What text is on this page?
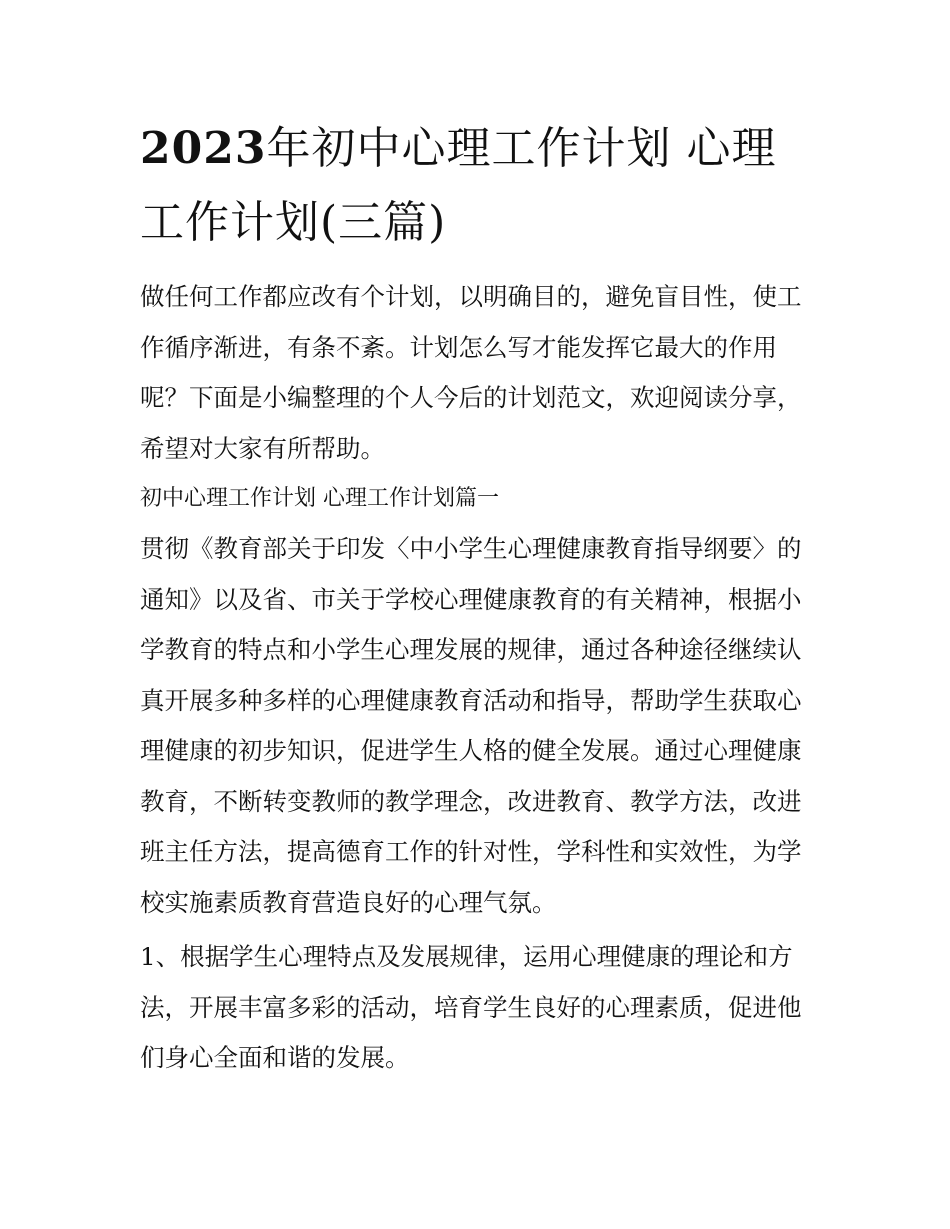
2023年初中心理工作计划 心理工作计划(三篇)

做任何工作都应改有个计划，以明确目的，避免盲目性，使工作循序渐进，有条不紊。计划怎么写才能发挥它最大的作用呢？下面是小编整理的个人今后的计划范文，欢迎阅读分享，希望对大家有所帮助。

初中心理工作计划 心理工作计划篇一

贯彻《教育部关于印发〈中小学生心理健康教育指导纲要〉的通知》以及省、市关于学校心理健康教育的有关精神，根据小学教育的特点和小学生心理发展的规律，通过各种途径继续认真开展多种多样的心理健康教育活动和指导，帮助学生获取心理健康的初步知识，促进学生人格的健全发展。通过心理健康教育，不断转变教师的教学理念，改进教育、教学方法，改进班主任方法，提高德育工作的针对性，学科性和实效性，为学校实施素质教育营造良好的心理气氛。

1、根据学生心理特点及发展规律，运用心理健康的理论和方法，开展丰富多彩的活动，培育学生良好的心理素质，促进他们身心全面和谐的发展。
